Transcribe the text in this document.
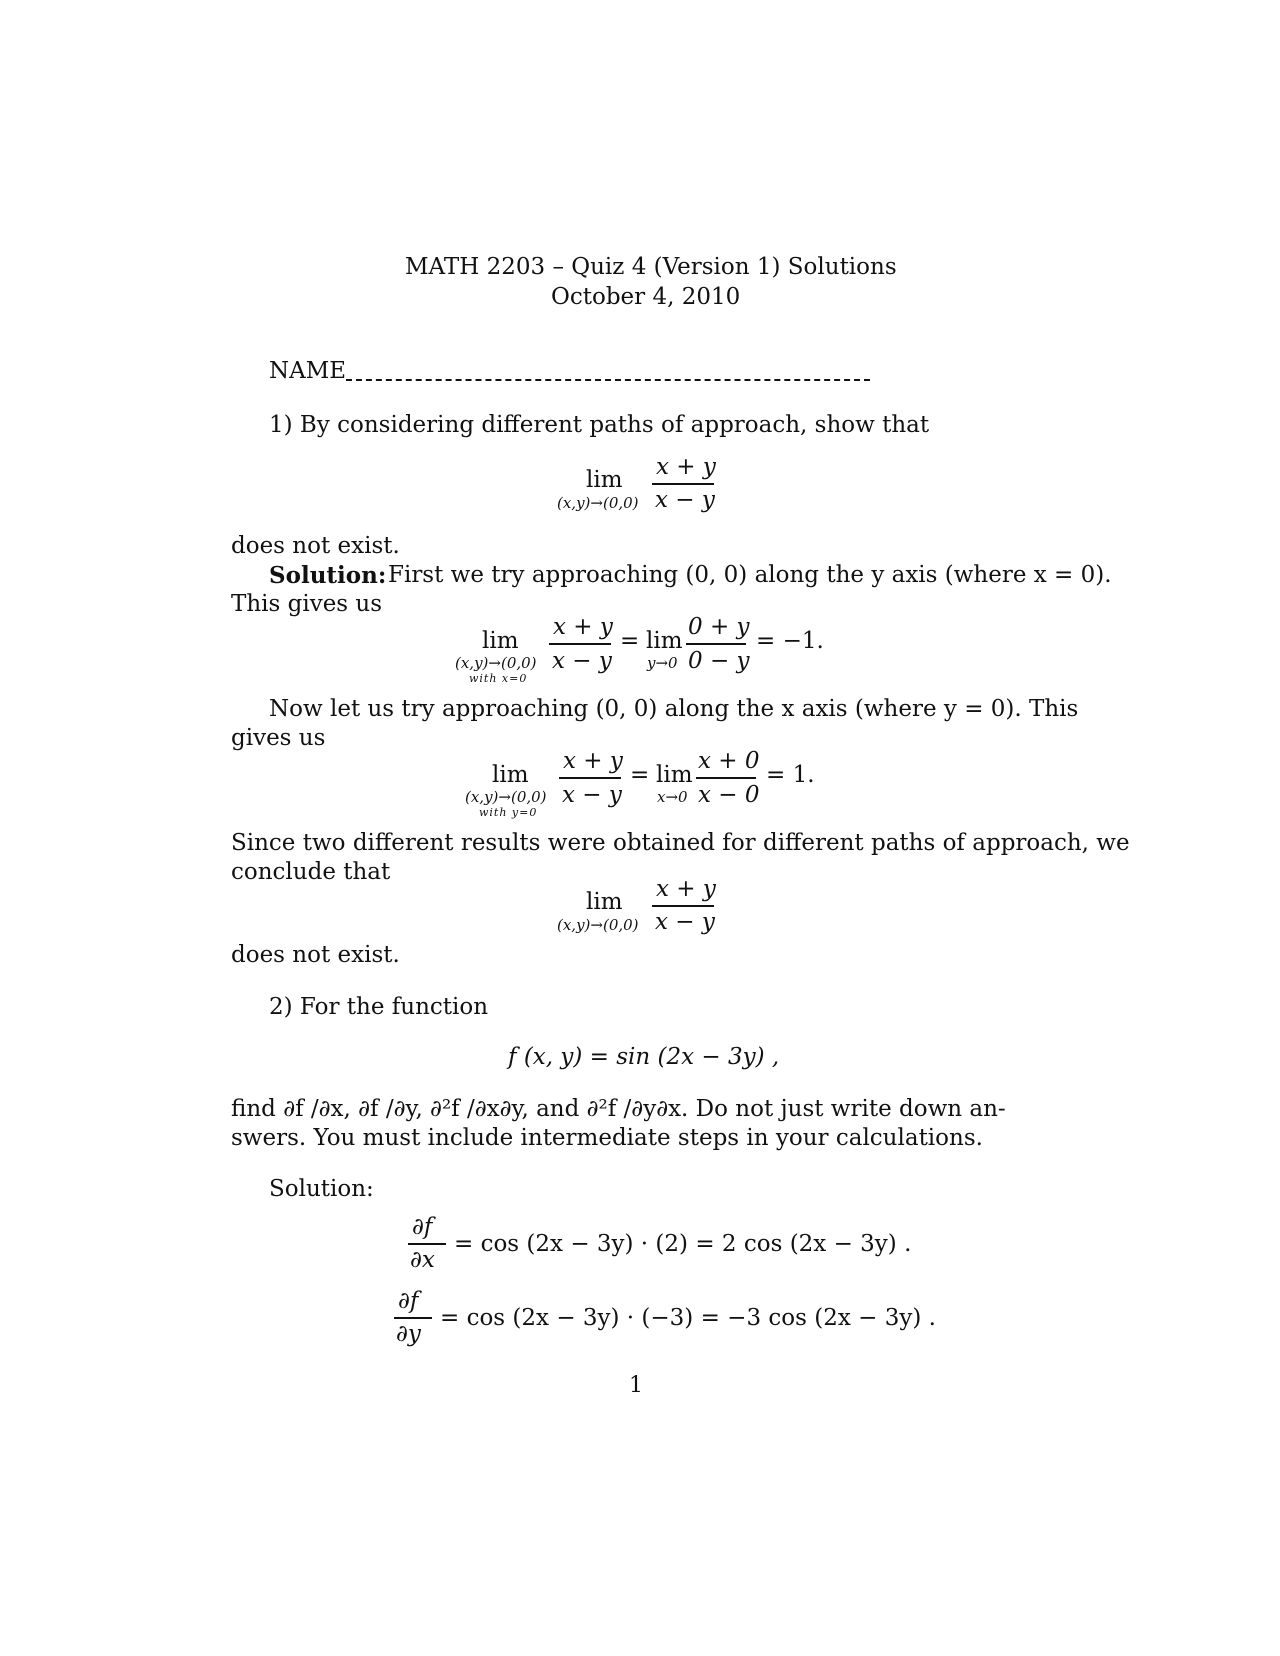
MATH 2203 – Quiz 4 (Version 1) Solutions
October 4, 2010
NAME
1) By considering different paths of approach, show that
lim
(x,y)→(0,0)
x + y
x − y
does not exist.
Solution: First we try approaching (0, 0) along the y axis (where x = 0).
This gives us
lim
(x,y)→(0,0)
with x=0
x + y
x − y
= lim
y→0
0 + y
0 − y
= −1.
Now let us try approaching (0, 0) along the x axis (where y = 0). This
gives us
lim
(x,y)→(0,0)
with y=0
x + y
x − y
= lim
x→0
x + 0
x − 0
= 1.
Since two different results were obtained for different paths of approach, we
conclude that
lim
(x,y)→(0,0)
x + y
x − y
does not exist.
2) For the function
f (x, y) = sin (2x − 3y) ,
find ∂f /∂x, ∂f /∂y, ∂²f /∂x∂y, and ∂²f /∂y∂x. Do not just write down an-
swers. You must include intermediate steps in your calculations.
Solution:
∂f
∂x
= cos (2x − 3y) · (2) = 2 cos (2x − 3y) .
∂f
∂y
= cos (2x − 3y) · (−3) = −3 cos (2x − 3y) .
1
